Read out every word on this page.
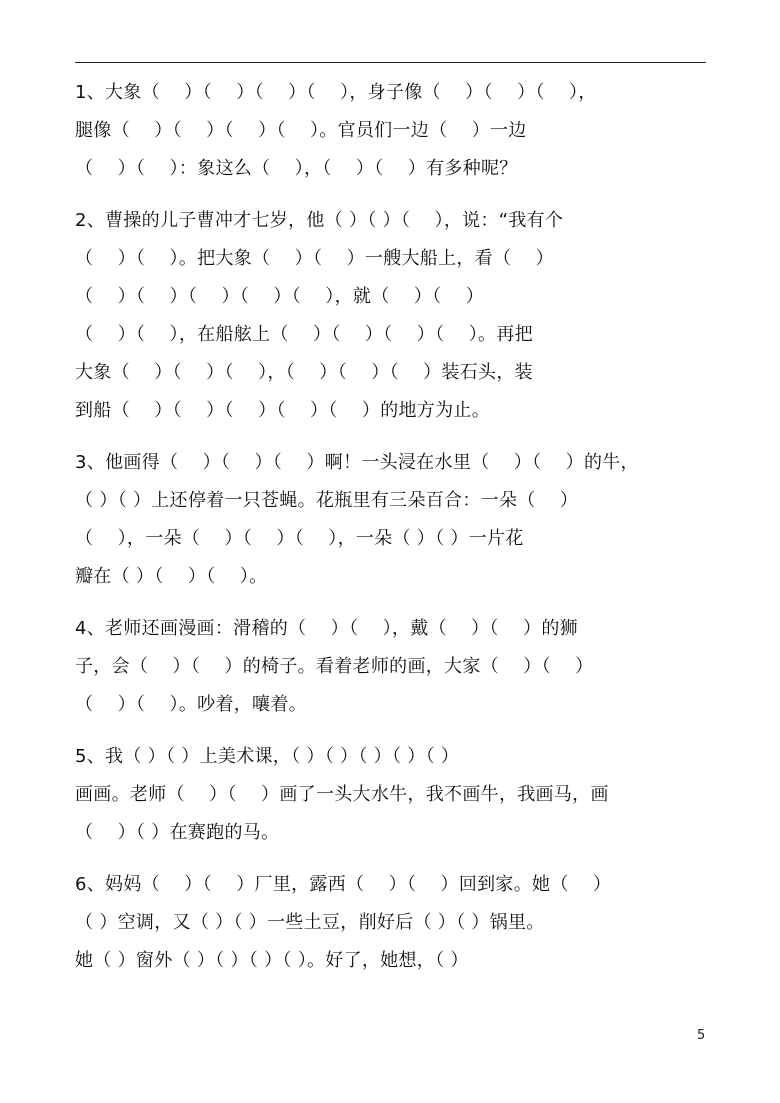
1、大象（　 ）（　 ）（　 ）（　 ），身子像（　 ）（　 ）（　 ），
腿像（　 ）（　 ）（　 ）（　 ）。官员们一边（　 ）一边
（　 ）（　 ）：象这么（　 ），（　 ）（　 ）有多种呢？
2、曹操的儿子曹冲才七岁，他（ ）（ ）（　 ），说：“我有个
（　 ）（　 ）。把大象（　 ）（　 ）一艘大船上，看（　 ）
（　 ）（　 ）（　 ）（　 ）（　 ），就（　 ）（　 ）
（　 ）（　 ），在船舷上（　 ）（　 ）（　 ）（　 ）。再把
大象（　 ）（　 ）（　 ），（　 ）（　 ）（　 ）装石头，装
到船（　 ）（　 ）（　 ）（　 ）（　 ）的地方为止。
3、他画得（　 ）（　 ）（　 ）啊！一头浸在水里（　 ）（　 ）的牛，
（ ）（ ）上还停着一只苍蝇。花瓶里有三朵百合：一朵（　 ）
（　 ），一朵（　 ）（　 ）（　 ），一朵（ ）（ ）一片花
瓣在（ ）（　 ）（　 ）。
4、老师还画漫画：滑稽的（　 ）（　 ），戴（　 ）（　 ）的狮
子，会（　 ）（　 ）的椅子。看着老师的画，大家（　 ）（　 ）
（　 ）（　 ）。吵着，嚷着。
5、我（ ）（ ）上美术课，（ ）（ ）（ ）（ ）（ ）
画画。老师（　 ）（　 ）画了一头大水牛，我不画牛，我画马，画
（　 ）（ ）在赛跑的马。
6、妈妈（　 ）（　 ）厂里，露西（　 ）（　 ）回到家。她（　 ）
（ ）空调，又（ ）（ ）一些土豆，削好后（ ）（ ）锅里。
她（ ）窗外（ ）（ ）（ ）（ ）。好了，她想，（ ）
5
